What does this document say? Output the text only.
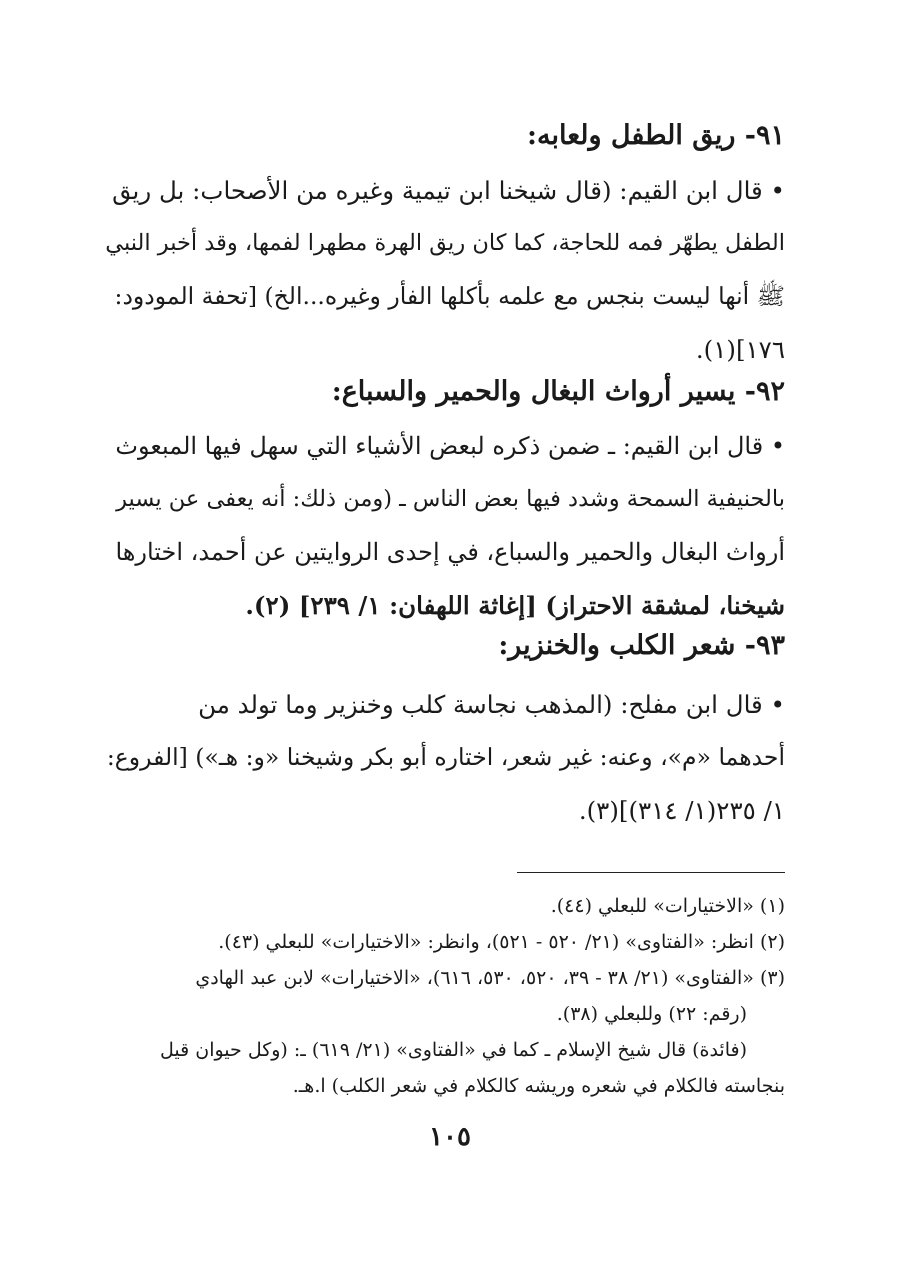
٩١- ريق الطفل ولعابه:
• قال ابن القيم: (قال شيخنا ابن تيمية وغيره من الأصحاب: بل ريق
الطفل يطهّر فمه للحاجة، كما كان ريق الهرة مطهرا لفمها، وقد أخبر النبي
ﷺ أنها ليست بنجس مع علمه بأكلها الفأر وغيره...الخ) [تحفة المودود:
١٧٦](١).
٩٢- يسير أرواث البغال والحمير والسباع:
• قال ابن القيم: ـ ضمن ذكره لبعض الأشياء التي سهل فيها المبعوث
بالحنيفية السمحة وشدد فيها بعض الناس ـ (ومن ذلك: أنه يعفى عن يسير
أرواث البغال والحمير والسباع، في إحدى الروايتين عن أحمد، اختارها
شيخنا، لمشقة الاحتراز) [إغاثة اللهفان: ١/ ٢٣٩] (٢).
٩٣- شعر الكلب والخنزير:
• قال ابن مفلح: (المذهب نجاسة كلب وخنزير وما تولد من
أحدهما «م»، وعنه: غير شعر، اختاره أبو بكر وشيخنا «و: هـ») [الفروع:
١/ ٢٣٥(١/ ٣١٤)](٣).
(١) «الاختيارات» للبعلي (٤٤).
(٢) انظر: «الفتاوى» (٢١/ ٥٢٠ - ٥٢١)، وانظر: «الاختيارات» للبعلي (٤٣).
(٣) «الفتاوى» (٢١/ ٣٨ - ٣٩، ٥٢٠، ٥٣٠، ٦١٦)، «الاختيارات» لابن عبد الهادي
(رقم: ٢٢) وللبعلي (٣٨).
(فائدة) قال شيخ الإسلام ـ كما في «الفتاوى» (٢١/ ٦١٩) ـ: (وكل حيوان قيل
بنجاسته فالكلام في شعره وريشه كالكلام في شعر الكلب) ا.هـ.
١٠٥
